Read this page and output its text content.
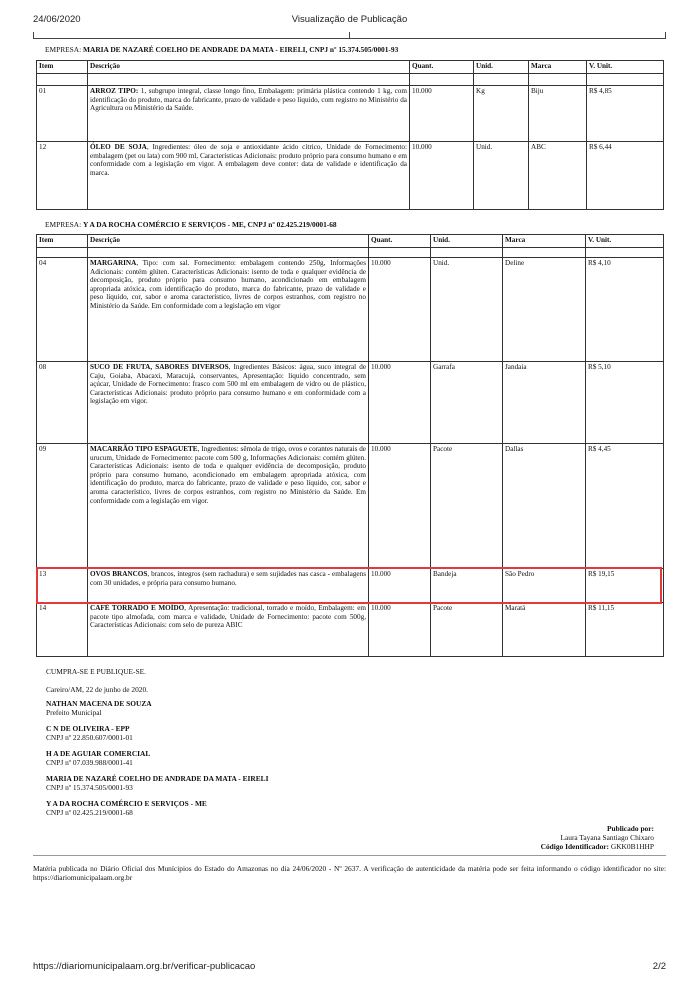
24/06/2020	Visualização de Publicação
EMPRESA: MARIA DE NAZARÉ COELHO DE ANDRADE DA MATA - EIRELI, CNPJ nº 15.374.505/0001-93
Item	Descrição	Quant.	Unid.	Marca	V. Unit.

01	ARROZ TIPO: 1, subgrupo integral, classe longo fino, Embalagem: primária plástica contendo 1 kg, com identificação do produto, marca do fabricante, prazo de validade e peso líquido, com registro no Ministério da Agricultura ou Ministério da Saúde.	10.000	Kg	Biju	R$ 4,85
12	ÓLEO DE SOJA, Ingredientes: óleo de soja e antioxidante ácido cítrico, Unidade de Fornecimento: embalagem (pet ou lata) com 900 ml, Características Adicionais: produto próprio para consumo humano e em conformidade com a legislação em vigor. A embalagem deve conter: data de validade e identificação da marca.	10.000	Unid.	ABC	R$ 6,44
EMPRESA: Y A DA ROCHA COMÉRCIO E SERVIÇOS - ME, CNPJ nº 02.425.219/0001-68
Item	Descrição	Quant.	Unid.	Marca	V. Unit.

04	MARGARINA, Tipo: com sal. Fornecimento: embalagem contendo 250g, Informações Adicionais: contém glúten. Características Adicionais: isento de toda e qualquer evidência de decomposição, produto próprio para consumo humano, acondicionado em embalagem apropriada atóxica, com identificação do produto, marca do fabricante, prazo de validade e peso líquido, cor, sabor e aroma característico, livres de corpos estranhos, com registro no Ministério da Saúde. Em conformidade com a legislação em vigor	10.000	Unid.	Deline	R$ 4,10
08	SUCO DE FRUTA, SABORES DIVERSOS, Ingredientes Básicos: água, suco integral de Caju, Goiaba, Abacaxi, Maracujá, conservantes, Apresentação: líquido concentrado, sem açúcar, Unidade de Fornecimento: frasco com 500 ml em embalagem de vidro ou de plástico, Características Adicionais: produto próprio para consumo humano e em conformidade com a legislação em vigor.	10.000	Garrafa	Jandaia	R$ 5,10
09	MACARRÃO TIPO ESPAGUETE, Ingredientes: sêmola de trigo, ovos e corantes naturais de urucum, Unidade de Fornecimento: pacote com 500 g, Informações Adicionais: contém glúten. Características Adicionais: isento de toda e qualquer evidência de decomposição, produto próprio para consumo humano, acondicionado em embalagem apropriada atóxica, com identificação do produto, marca do fabricante, prazo de validade e peso líquido, cor, sabor e aroma característico, livres de corpos estranhos, com registro no Ministério da Saúde. Em conformidade com a legislação em vigor.	10.000	Pacote	Dallas	R$ 4,45
13	OVOS BRANCOS, brancos, íntegros (sem rachadura) e sem sujidades nas casca - embalagens com 30 unidades, e própria para consumo humano.	10.000	Bandeja	São Pedro	R$ 19,15
14	CAFÉ TORRADO E MOÍDO, Apresentação: tradicional, torrado e moído, Embalagem: em pacote tipo almofada, com marca e validade, Unidade de Fornecimento: pacote com 500g, Características Adicionais: com selo de pureza ABIC	10.000	Pacote	Maratá	R$ 11,15
CUMPRA-SE E PUBLIQUE-SE.
Careiro/AM, 22 de junho de 2020.
NATHAN MACENA DE SOUZA
Prefeito Municipal
C N DE OLIVEIRA - EPP
CNPJ nº 22.850.607/0001-01
H A DE AGUIAR COMERCIAL
CNPJ nº 07.039.988/0001-41
MARIA DE NAZARÉ COELHO DE ANDRADE DA MATA - EIRELI
CNPJ nº 15.374.505/0001-93
Y A DA ROCHA COMÉRCIO E SERVIÇOS - ME
CNPJ nº 02.425.219/0001-68
Publicado por:
Laura Tayana Santiago Chixaro
Código Identificador: GKK0B1HHP
Matéria publicada no Diário Oficial dos Munícipios do Estado do Amazonas no dia 24/06/2020 - Nº 2637. A verificação de autenticidade da matéria pode ser feita informando o código identificador no site: https://diariomunicipalaam.org.br
https://diariomunicipalaam.org.br/verificar-publicacao	2/2
